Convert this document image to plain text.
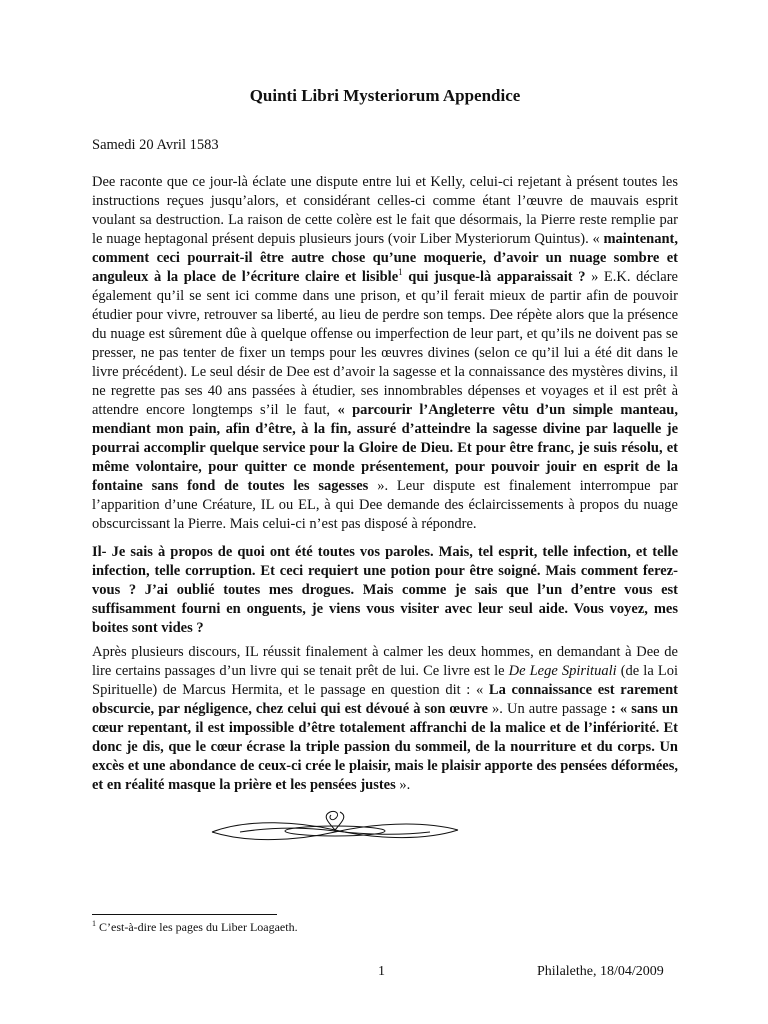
Quinti Libri Mysteriorum Appendice
Samedi 20 Avril 1583

Dee raconte que ce jour-là éclate une dispute entre lui et Kelly, celui-ci rejetant à présent toutes les instructions reçues jusqu’alors, et considérant celles-ci comme étant l’œuvre de mauvais esprit voulant sa destruction. La raison de cette colère est le fait que désormais, la Pierre reste remplie par le nuage heptagonal présent depuis plusieurs jours (voir Liber Mysteriorum Quintus). « maintenant, comment ceci pourrait-il être autre chose qu’une moquerie, d’avoir un nuage sombre et anguleux à la place de l’écriture claire et lisible$^1$ qui jusque-là apparaissait ? » E.K. déclare également qu’il se sent ici comme dans une prison, et qu’il ferait mieux de partir afin de pouvoir étudier pour vivre, retrouver sa liberté, au lieu de perdre son temps. Dee répète alors que la présence du nuage est sûrement dûe à quelque offense ou imperfection de leur part, et qu’ils ne doivent pas se presser, ne pas tenter de fixer un temps pour les œuvres divines (selon ce qu’il lui a été dit dans le livre précédent). Le seul désir de Dee est d’avoir la sagesse et la connaissance des mystères divins, il ne regrette pas ses 40 ans passées à étudier, ses innombrables dépenses et voyages et il est prêt à attendre encore longtemps s’il le faut, « parcourir l’Angleterre vêtu d’un simple manteau, mendiant mon pain, afin d’être, à la fin, assuré d’atteindre la sagesse divine par laquelle je pourrai accomplir quelque service pour la Gloire de Dieu. Et pour être franc, je suis résolu, et même volontaire, pour quitter ce monde présentement, pour pouvoir jouir en esprit de la fontaine sans fond de toutes les sagesses ». Leur dispute est finalement interrompue par l’apparition d’une Créature, IL ou EL, à qui Dee demande des éclaircissements à propos du nuage obscurcissant la Pierre. Mais celui-ci n’est pas disposé à répondre.

Il- Je sais à propos de quoi ont été toutes vos paroles. Mais, tel esprit, telle infection, et telle infection, telle corruption. Et ceci requiert une potion pour être soigné. Mais comment ferez-vous ? J’ai oublié toutes mes drogues. Mais comme je sais que l’un d’entre vous est suffisamment fourni en onguents, je viens vous visiter avec leur seul aide. Vous voyez, mes boites sont vides ?

Après plusieurs discours, IL réussit finalement à calmer les deux hommes, en demandant à Dee de lire certains passages d’un livre qui se tenait prêt de lui. Ce livre est le De Lege Spirituali (de la Loi Spirituelle) de Marcus Hermita, et le passage en question dit : « La connaissance est rarement obscurcie, par négligence, chez celui qui est dévoué à son œuvre ». Un autre passage : « sans un cœur repentant, il est impossible d’être totalement affranchi de la malice et de l’infériorité. Et donc je dis, que le cœur écrase la triple passion du sommeil, de la nourriture et du corps. Un excès et une abondance de ceux-ci crée le plaisir, mais le plaisir apporte des pensées déformées, et en réalité masque la prière et les pensées justes ».

$^1$ C’est-à-dire les pages du Liber Loagaeth.
1	Philalethe, 18/04/2009
